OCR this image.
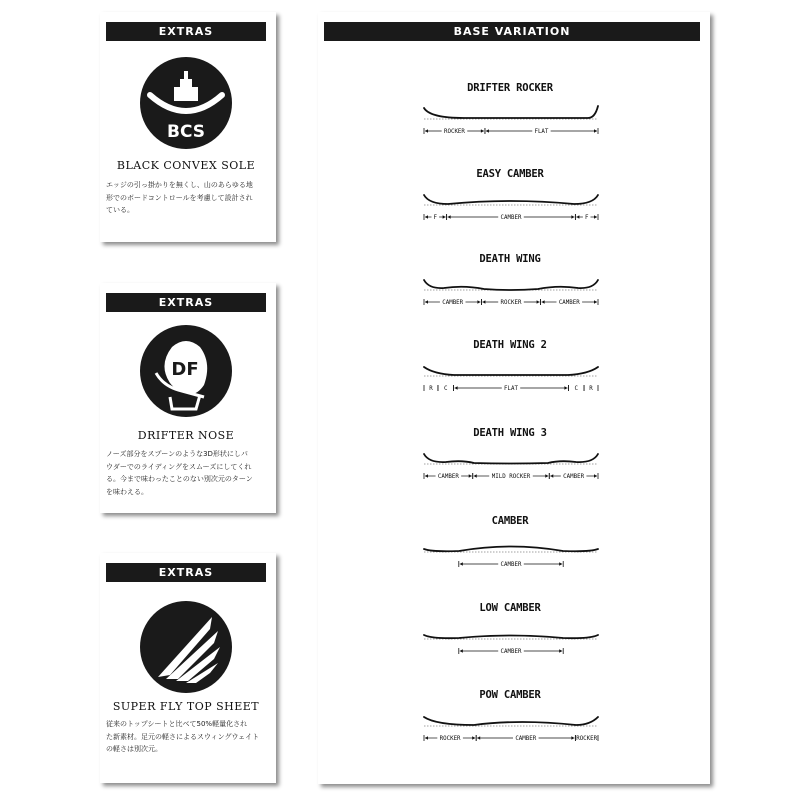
EXTRAS
BCS
BLACK CONVEX SOLE
エッジの引っ掛かりを無くし、山のあらゆる地
形でのボードコントロールを考慮して設計され
ている。
EXTRAS
DF
DRIFTER NOSE
ノーズ部分をスプーンのような3D形状にしパ
ウダーでのライディングをスムーズにしてくれ
る。今まで味わったことのない別次元のターン
を味わえる。
EXTRAS
SUPER FLY TOP SHEET
従来のトップシートと比べて50%軽量化され
た新素材。足元の軽さによるスウィングウェイト
の軽さは別次元。
BASE VARIATION
DRIFTER ROCKER
ROCKER	FLAT
EASY CAMBER
F	CAMBER	F
DEATH WING
CAMBER	ROCKER	CAMBER
DEATH WING 2
R C	FLAT	C R
DEATH WING 3
CAMBER	MILD ROCKER	CAMBER
CAMBER
CAMBER
LOW CAMBER
CAMBER
POW CAMBER
ROCKER	CAMBER	ROCKER
